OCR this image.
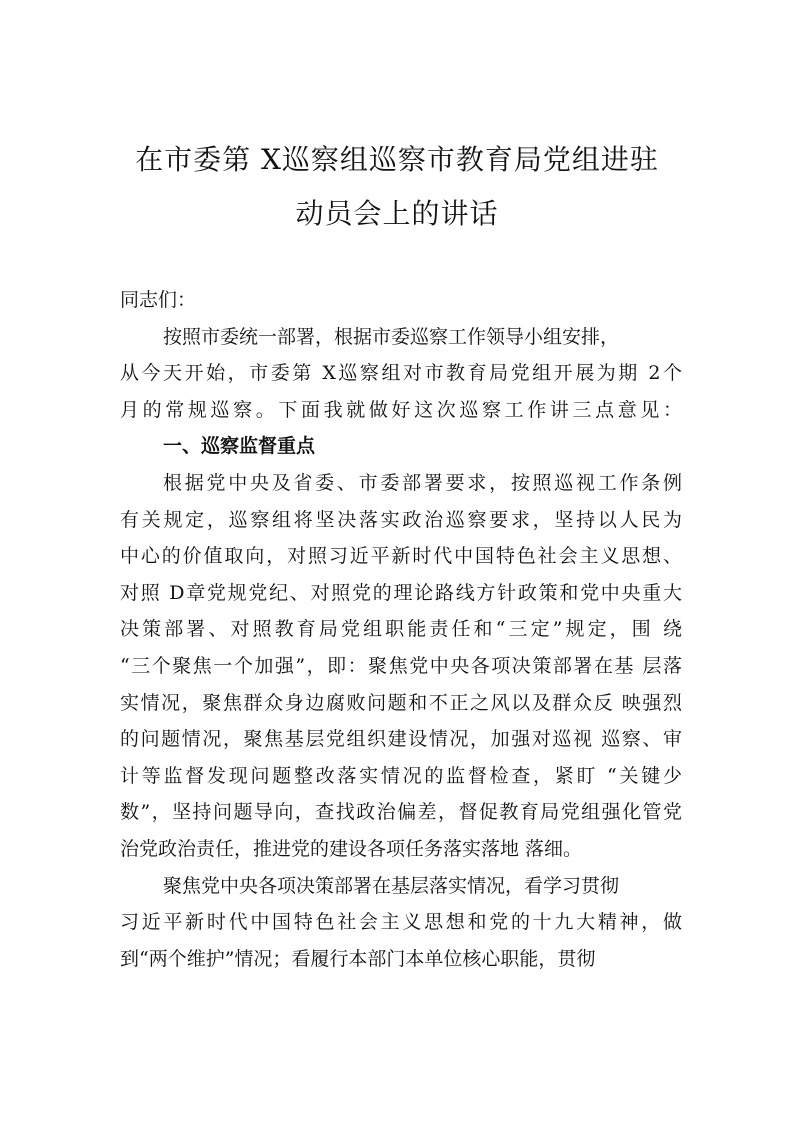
在市委第 X巡察组巡察市教育局党组进驻
动员会上的讲话
同志们：
按照市委统一部署，根据市委巡察工作领导小组安排，
从今天开始，市委第 X巡察组对市教育局党组开展为期 2个
月的常规巡察。下面我就做好这次巡察工作讲三点意见：
一、巡察监督重点
根据党中央及省委、市委部署要求，按照巡视工作条例
有关规定，巡察组将坚决落实政治巡察要求，坚持以人民为
中心的价值取向，对照习近平新时代中国特色社会主义思想、
对照 D章党规党纪、对照党的理论路线方针政策和党中央重大
决策部署、对照教育局党组职能责任和“三定”规定，围 绕
“三个聚焦一个加强”，即：聚焦党中央各项决策部署在基 层落
实情况，聚焦群众身边腐败问题和不正之风以及群众反 映强烈
的问题情况，聚焦基层党组织建设情况，加强对巡视 巡察、审
计等监督发现问题整改落实情况的监督检查，紧盯 “关键少
数”，坚持问题导向，查找政治偏差，督促教育局党组强化管党
治党政治责任，推进党的建设各项任务落实落地 落细。
聚焦党中央各项决策部署在基层落实情况，看学习贯彻
习近平新时代中国特色社会主义思想和党的十九大精神，做
到“两个维护”情况；看履行本部门本单位核心职能，贯彻
